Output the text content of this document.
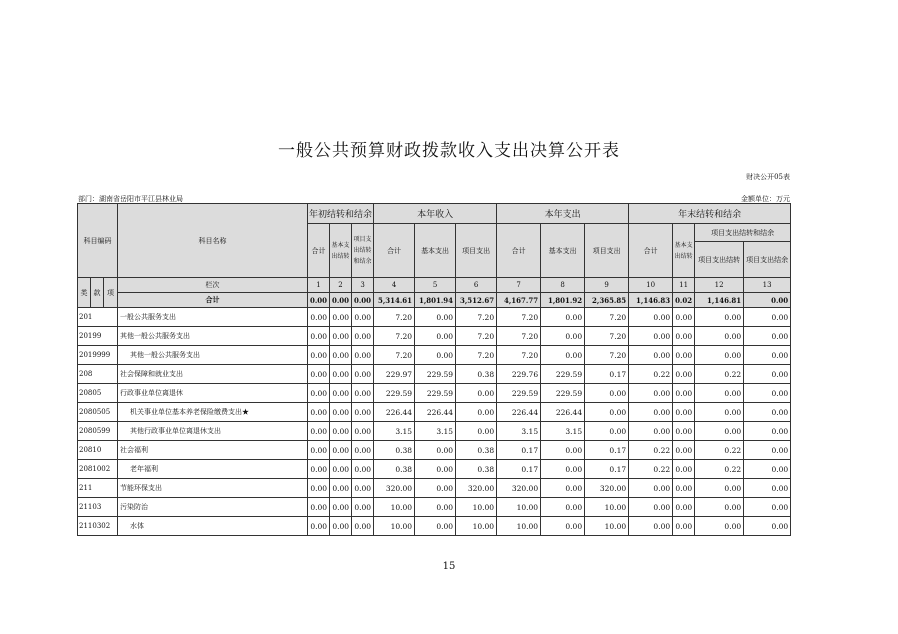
一般公共预算财政拨款收入支出决算公开表
财决公开05表
部门：湖南省岳阳市平江县林业局	金额单位：万元
科目编码			科目名称	年初结转和结余			本年收入			本年支出			年末结转和结余			
				合计	基本支出结转	项目支出结转和结余	合计	基本支出	项目支出	合计	基本支出	项目支出	合计	基本支出结转	项目支出结转和结余	
															项目支出结转	项目支出结余
类	款	项	栏次	1	2	3	4	5	6	7	8	9	10	11	12	13
			合计	0.00	0.00	0.00	5,314.61	1,801.94	3,512.67	4,167.77	1,801.92	2,365.85	1,146.83	0.02	1,146.81	0.00
201			一般公共服务支出	0.00	0.00	0.00	7.20	0.00	7.20	7.20	0.00	7.20	0.00	0.00	0.00	0.00
20199			其他一般公共服务支出	0.00	0.00	0.00	7.20	0.00	7.20	7.20	0.00	7.20	0.00	0.00	0.00	0.00
2019999			其他一般公共服务支出	0.00	0.00	0.00	7.20	0.00	7.20	7.20	0.00	7.20	0.00	0.00	0.00	0.00
208			社会保障和就业支出	0.00	0.00	0.00	229.97	229.59	0.38	229.76	229.59	0.17	0.22	0.00	0.22	0.00
20805			行政事业单位离退休	0.00	0.00	0.00	229.59	229.59	0.00	229.59	229.59	0.00	0.00	0.00	0.00	0.00
2080505			机关事业单位基本养老保险缴费支出★	0.00	0.00	0.00	226.44	226.44	0.00	226.44	226.44	0.00	0.00	0.00	0.00	0.00
2080599			其他行政事业单位离退休支出	0.00	0.00	0.00	3.15	3.15	0.00	3.15	3.15	0.00	0.00	0.00	0.00	0.00
20810			社会福利	0.00	0.00	0.00	0.38	0.00	0.38	0.17	0.00	0.17	0.22	0.00	0.22	0.00
2081002			老年福利	0.00	0.00	0.00	0.38	0.00	0.38	0.17	0.00	0.17	0.22	0.00	0.22	0.00
211			节能环保支出	0.00	0.00	0.00	320.00	0.00	320.00	320.00	0.00	320.00	0.00	0.00	0.00	0.00
21103			污染防治	0.00	0.00	0.00	10.00	0.00	10.00	10.00	0.00	10.00	0.00	0.00	0.00	0.00
2110302			水体	0.00	0.00	0.00	10.00	0.00	10.00	10.00	0.00	10.00	0.00	0.00	0.00	0.00
15
